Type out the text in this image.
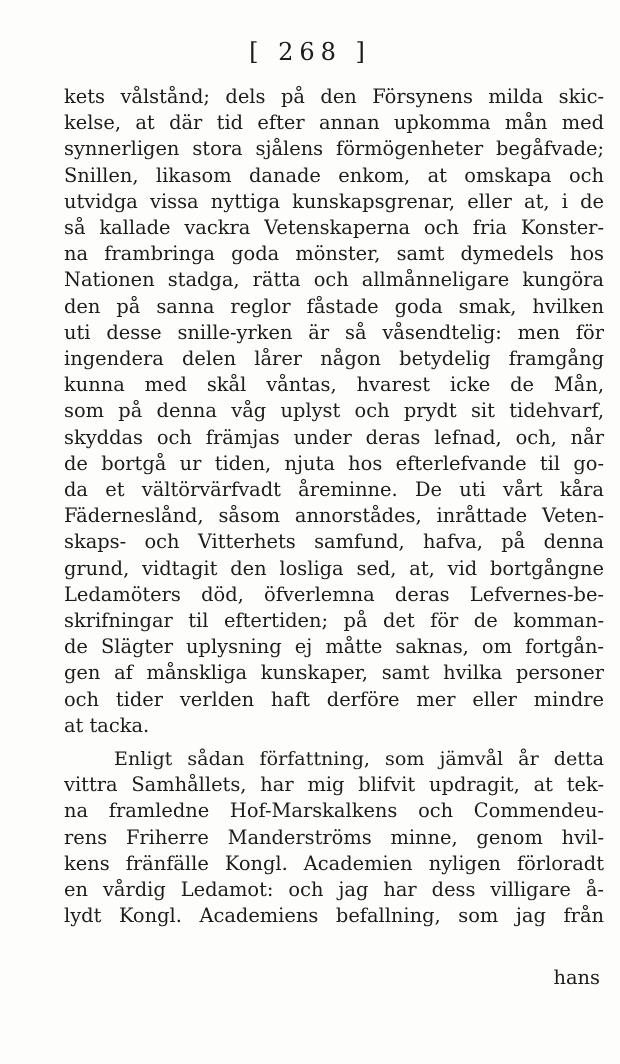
[ 268 ]
kets vålstånd; dels på den Försynens milda skic-
kelse, at där tid efter annan upkomma mån med
synnerligen stora sjålens förmögenheter begåfvade;
Snillen, likasom danade enkom, at omskapa och
utvidga vissa nyttiga kunskapsgrenar, eller at, i de
så kallade vackra Vetenskaperna och fria Konster-
na frambringa goda mönster, samt dymedels hos
Nationen stadga, rätta och allmånneligare kungöra
den på sanna reglor fåstade goda smak, hvilken
uti desse snille-yrken är så våsendtelig: men för
ingendera delen lårer någon betydelig framgång
kunna med skål våntas, hvarest icke de Mån,
som på denna våg uplyst och prydt sit tidehvarf,
skyddas och främjas under deras lefnad, och, når
de bortgå ur tiden, njuta hos efterlefvande til go-
da et vältörvärfvadt åreminne. De uti vårt kåra
Fäderneslånd, såsom annorstådes, inråttade Veten-
skaps- och Vitterhets samfund, hafva, på denna
grund, vidtagit den losliga sed, at, vid bortgångne
Ledamöters död, öfverlemna deras Lefvernes-be-
skrifningar til eftertiden; på det för de komman-
de Slägter uplysning ej måtte saknas, om fortgån-
gen af månskliga kunskaper, samt hvilka personer
och tider verlden haft derföre mer eller mindre
at tacka.
Enligt sådan författning, som jämvål år detta
vittra Samhållets, har mig blifvit updragit, at tek-
na framledne Hof-Marskalkens och Commendeu-
rens Friherre Manderströms minne, genom hvil-
kens fränfälle Kongl. Academien nyligen förloradt
en vårdig Ledamot: och jag har dess villigare å-
lydt Kongl. Academiens befallning, som jag från
hans
